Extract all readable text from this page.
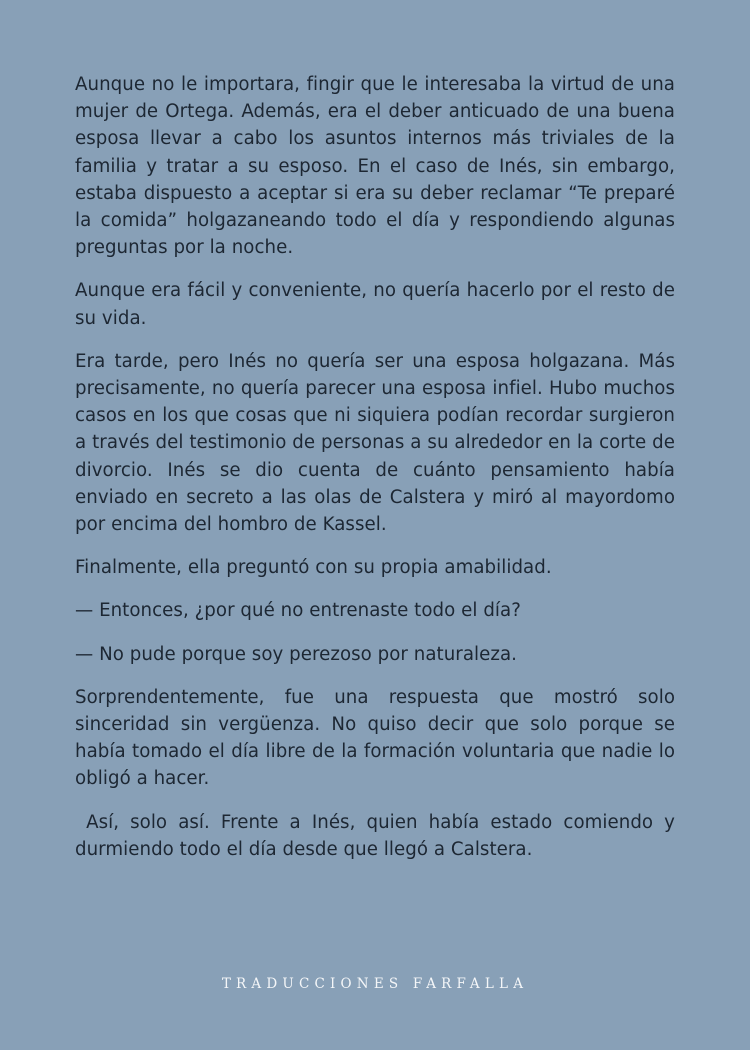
Aunque no le importara, fingir que le interesaba la virtud de una mujer de Ortega. Además, era el deber anticuado de una buena esposa llevar a cabo los asuntos internos más triviales de la familia y tratar a su esposo. En el caso de Inés, sin embargo, estaba dispuesto a aceptar si era su deber reclamar “Te preparé la comida” holgazaneando todo el día y respondiendo algunas preguntas por la noche.

Aunque era fácil y conveniente, no quería hacerlo por el resto de su vida.

Era tarde, pero Inés no quería ser una esposa holgazana. Más precisamente, no quería parecer una esposa infiel. Hubo muchos casos en los que cosas que ni siquiera podían recordar surgieron a través del testimonio de personas a su alrededor en la corte de divorcio. Inés se dio cuenta de cuánto pensamiento había enviado en secreto a las olas de Calstera y miró al mayordomo por encima del hombro de Kassel.

Finalmente, ella preguntó con su propia amabilidad.

— Entonces, ¿por qué no entrenaste todo el día?

— No pude porque soy perezoso por naturaleza.

Sorprendentemente, fue una respuesta que mostró solo sinceridad sin vergüenza. No quiso decir que solo porque se había tomado el día libre de la formación voluntaria que nadie lo obligó a hacer.

Así, solo así. Frente a Inés, quien había estado comiendo y durmiendo todo el día desde que llegó a Calstera.

TRADUCCIONES FARFALLA
